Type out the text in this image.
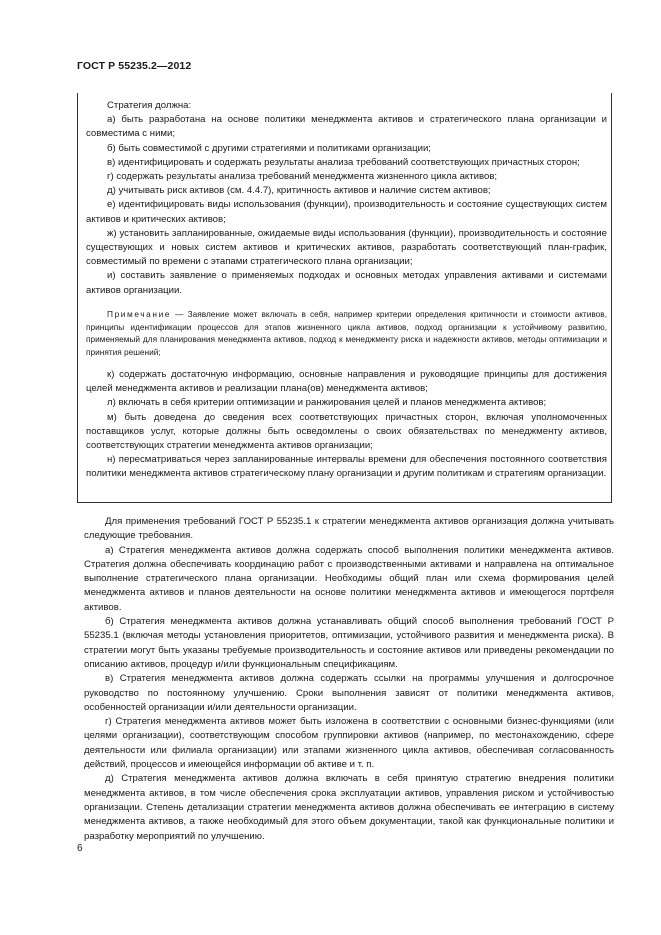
ГОСТ Р 55235.2—2012

Стратегия должна:

а) быть разработана на основе политики менеджмента активов и стратегического плана организации и совместима с ними;

б) быть совместимой с другими стратегиями и политиками организации;

в) идентифицировать и содержать результаты анализа требований соответствующих причастных сторон;

г) содержать результаты анализа требований менеджмента жизненного цикла активов;

д) учитывать риск активов (см. 4.4.7), критичность активов и наличие систем активов;

е) идентифицировать виды использования (функции), производительность и состояние существующих систем активов и критических активов;

ж) установить запланированные, ожидаемые виды использования (функции), производительность и состояние существующих и новых систем активов и критических активов, разработать соответствующий план-график, совместимый по времени с этапами стратегического плана организации;

и) составить заявление о применяемых подходах и основных методах управления активами и системами активов организации.

Примечание — Заявление может включать в себя, например критерии определения критичности и стоимости активов, принципы идентификации процессов для этапов жизненного цикла активов, подход организации к устойчивому развитию, применяемый для планирования менеджмента активов, подход к менеджменту риска и надежности активов, методы оптимизации и принятия решений;

к) содержать достаточную информацию, основные направления и руководящие принципы для достижения целей менеджмента активов и реализации плана(ов) менеджмента активов;

л) включать в себя критерии оптимизации и ранжирования целей и планов менеджмента активов;

м) быть доведена до сведения всех соответствующих причастных сторон, включая уполномоченных поставщиков услуг, которые должны быть осведомлены о своих обязательствах по менеджменту активов, соответствующих стратегии менеджмента активов организации;

н) пересматриваться через запланированные интервалы времени для обеспечения постоянного соответствия политики менеджмента активов стратегическому плану организации и другим политикам и стратегиям организации.

Для применения требований ГОСТ Р 55235.1 к стратегии менеджмента активов организация должна учитывать следующие требования.

а) Стратегия менеджмента активов должна содержать способ выполнения политики менеджмента активов. Стратегия должна обеспечивать координацию работ с производственными активами и направлена на оптимальное выполнение стратегического плана организации. Необходимы общий план или схема формирования целей менеджмента активов и планов деятельности на основе политики менеджмента активов и имеющегося портфеля активов.

б) Стратегия менеджмента активов должна устанавливать общий способ выполнения требований ГОСТ Р 55235.1 (включая методы установления приоритетов, оптимизации, устойчивого развития и менеджмента риска). В стратегии могут быть указаны требуемые производительность и состояние активов или приведены рекомендации по описанию активов, процедур и/или функциональным спецификациям.

в) Стратегия менеджмента активов должна содержать ссылки на программы улучшения и долгосрочное руководство по постоянному улучшению. Сроки выполнения зависят от политики менеджмента активов, особенностей организации и/или деятельности организации.

г) Стратегия менеджмента активов может быть изложена в соответствии с основными бизнес-функциями (или целями организации), соответствующим способом группировки активов (например, по местонахождению, сфере деятельности или филиала организации) или этапами жизненного цикла активов, обеспечивая согласованность действий, процессов и имеющейся информации об активе и т. п.

д) Стратегия менеджмента активов должна включать в себя принятую стратегию внедрения политики менеджмента активов, в том числе обеспечения срока эксплуатации активов, управления риском и устойчивостью организации. Степень детализации стратегии менеджмента активов должна обеспечивать ее интеграцию в систему менеджмента активов, а также необходимый для этого объем документации, такой как функциональные политики и разработку мероприятий по улучшению.

6
